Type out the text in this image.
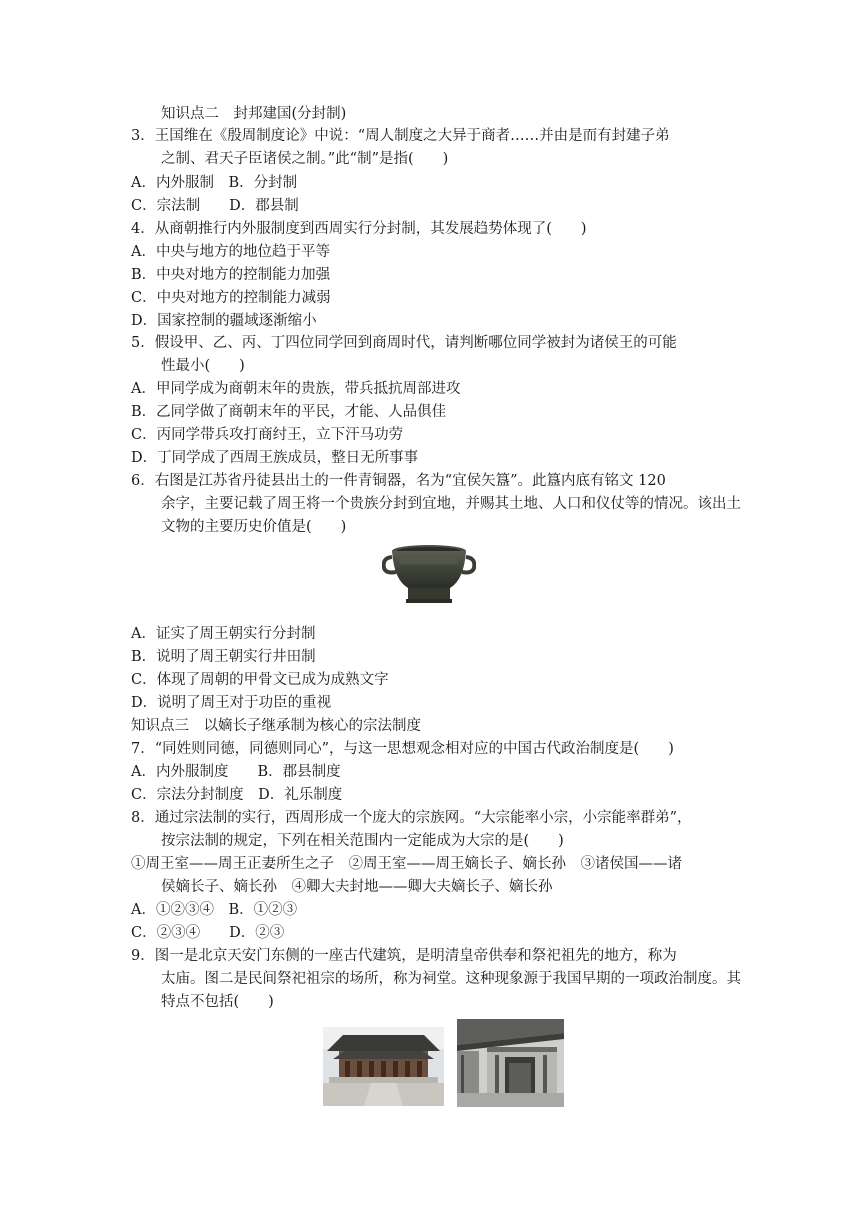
知识点二　封邦建国(分封制)
3．王国维在《殷周制度论》中说：“周人制度之大异于商者……并由是而有封建子弟
之制、君天子臣诸侯之制。”此“制”是指(　　)
A．内外服制　B．分封制
C．宗法制　　D．郡县制
4．从商朝推行内外服制度到西周实行分封制，其发展趋势体现了(　　)
A．中央与地方的地位趋于平等
B．中央对地方的控制能力加强
C．中央对地方的控制能力减弱
D．国家控制的疆域逐渐缩小
5．假设甲、乙、丙、丁四位同学回到商周时代，请判断哪位同学被封为诸侯王的可能
性最小(　　)
A．甲同学成为商朝末年的贵族，带兵抵抗周部进攻
B．乙同学做了商朝末年的平民，才能、人品俱佳
C．丙同学带兵攻打商纣王，立下汗马功劳
D．丁同学成了西周王族成员，整日无所事事
6．右图是江苏省丹徒县出土的一件青铜器，名为“宜侯矢簋”。此簋内底有铭文 120
余字，主要记载了周王将一个贵族分封到宜地，并赐其土地、人口和仪仗等的情况。该出土
文物的主要历史价值是(　　)
A．证实了周王朝实行分封制
B．说明了周王朝实行井田制
C．体现了周朝的甲骨文已成为成熟文字
D．说明了周王对于功臣的重视
知识点三　以嫡长子继承制为核心的宗法制度
7．“同姓则同德，同德则同心”，与这一思想观念相对应的中国古代政治制度是(　　)
A．内外服制度　　B．郡县制度
C．宗法分封制度　D．礼乐制度
8．通过宗法制的实行，西周形成一个庞大的宗族网。“大宗能率小宗，小宗能率群弟”，
按宗法制的规定，下列在相关范围内一定能成为大宗的是(　　)
①周王室——周王正妻所生之子　②周王室——周王嫡长子、嫡长孙　③诸侯国——诸
侯嫡长子、嫡长孙　④卿大夫封地——卿大夫嫡长子、嫡长孙
A．①②③④　B．①②③
C．②③④　　D．②③
9．图一是北京天安门东侧的一座古代建筑，是明清皇帝供奉和祭祀祖先的地方，称为
太庙。图二是民间祭祀祖宗的场所，称为祠堂。这种现象源于我国早期的一项政治制度。其
特点不包括(　　)
